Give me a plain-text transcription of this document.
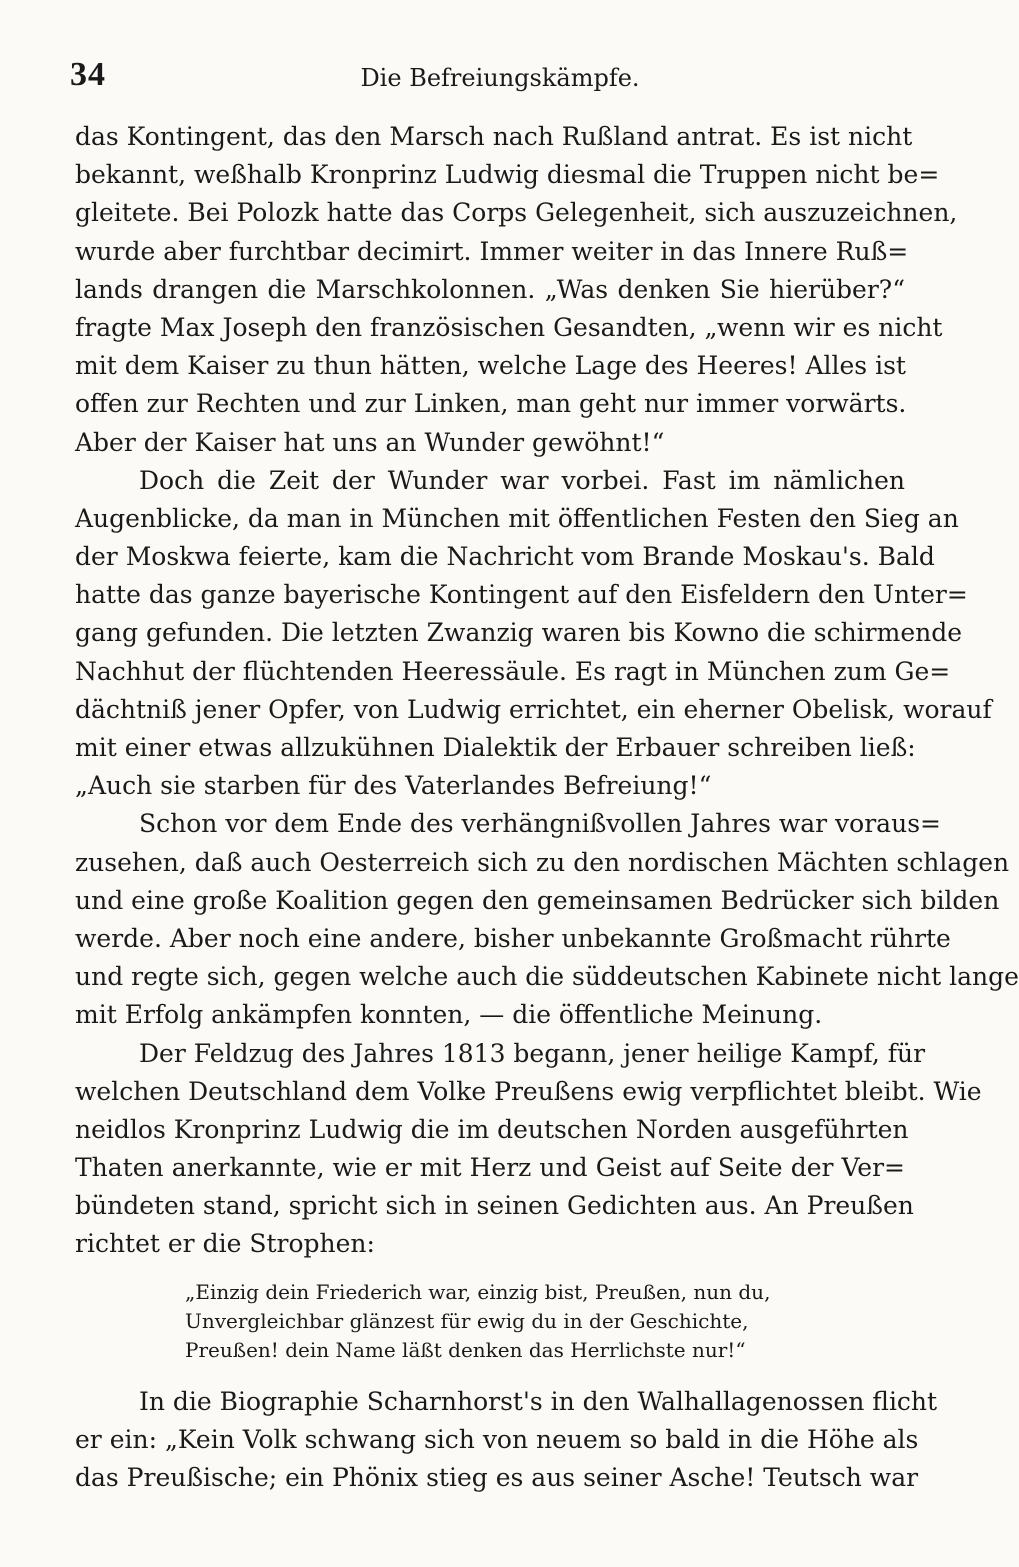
34	Die Befreiungskämpfe.
das Kontingent, das den Marsch nach Rußland antrat. Es ist nicht
bekannt, weßhalb Kronprinz Ludwig diesmal die Truppen nicht be=
gleitete. Bei Polozk hatte das Corps Gelegenheit, sich auszuzeichnen,
wurde aber furchtbar decimirt. Immer weiter in das Innere Ruß=
lands drangen die Marschkolonnen. „Was denken Sie hierüber?“
fragte Max Joseph den französischen Gesandten, „wenn wir es nicht
mit dem Kaiser zu thun hätten, welche Lage des Heeres! Alles ist
offen zur Rechten und zur Linken, man geht nur immer vorwärts.
Aber der Kaiser hat uns an Wunder gewöhnt!“
Doch die Zeit der Wunder war vorbei. Fast im nämlichen
Augenblicke, da man in München mit öffentlichen Festen den Sieg an
der Moskwa feierte, kam die Nachricht vom Brande Moskau's. Bald
hatte das ganze bayerische Kontingent auf den Eisfeldern den Unter=
gang gefunden. Die letzten Zwanzig waren bis Kowno die schirmende
Nachhut der flüchtenden Heeressäule. Es ragt in München zum Ge=
dächtniß jener Opfer, von Ludwig errichtet, ein eherner Obelisk, worauf
mit einer etwas allzukühnen Dialektik der Erbauer schreiben ließ:
„Auch sie starben für des Vaterlandes Befreiung!“
Schon vor dem Ende des verhängnißvollen Jahres war voraus=
zusehen, daß auch Oesterreich sich zu den nordischen Mächten schlagen
und eine große Koalition gegen den gemeinsamen Bedrücker sich bilden
werde. Aber noch eine andere, bisher unbekannte Großmacht rührte
und regte sich, gegen welche auch die süddeutschen Kabinete nicht lange
mit Erfolg ankämpfen konnten, — die öffentliche Meinung.
Der Feldzug des Jahres 1813 begann, jener heilige Kampf, für
welchen Deutschland dem Volke Preußens ewig verpflichtet bleibt. Wie
neidlos Kronprinz Ludwig die im deutschen Norden ausgeführten
Thaten anerkannte, wie er mit Herz und Geist auf Seite der Ver=
bündeten stand, spricht sich in seinen Gedichten aus. An Preußen
richtet er die Strophen:
„Einzig dein Friederich war, einzig bist, Preußen, nun du,
Unvergleichbar glänzest für ewig du in der Geschichte,
Preußen! dein Name läßt denken das Herrlichste nur!“
In die Biographie Scharnhorst's in den Walhallagenossen flicht
er ein: „Kein Volk schwang sich von neuem so bald in die Höhe als
das Preußische; ein Phönix stieg es aus seiner Asche! Teutsch war
